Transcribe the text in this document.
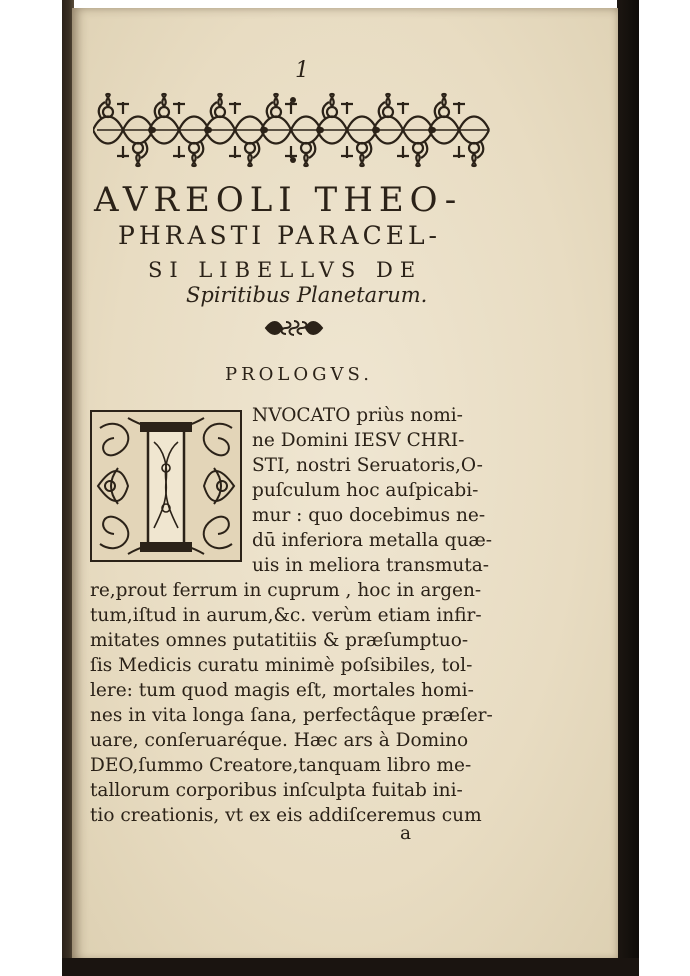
1
AVREOLI THEO-
PHRASTI PARACEL-
SI LIBELLVS DE
Spiritibus Planetarum.
PROLOGVS.
NVOCATO priùs nomi-
ne Domini IESV CHRI-
STI, nostri Seruatoris,O-
puſculum hoc auſpicabi-
mur : quo docebimus ne-
dū inferiora metalla quæ-
uis in meliora transmuta-
re,prout ferrum in cuprum , hoc in argen-
tum,iſtud in aurum,&c. verùm etiam infir-
mitates omnes putatitiis & præſumptuo-
ſis Medicis curatu minimè poſsibiles, tol-
lere: tum quod magis eſt, mortales homi-
nes in vita longa ſana, perfectâque præſer-
uare, conſeruaréque. Hæc ars à Domino
DEO,ſummo Creatore,tanquam libro me-
tallorum corporibus inſculpta fuitab ini-
tio creationis, vt ex eis addiſceremus cum
a
